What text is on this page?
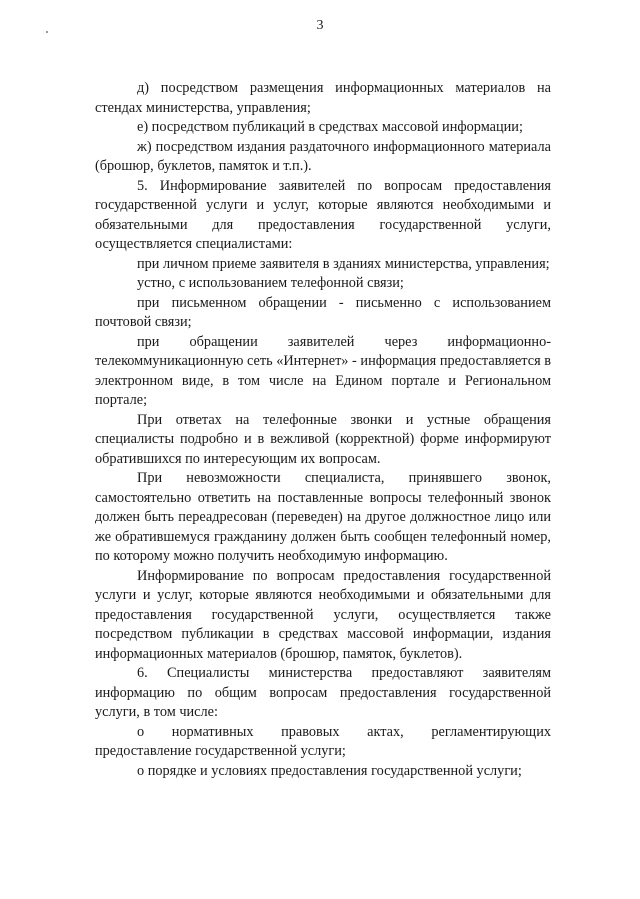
3

д) посредством размещения информационных материалов на стендах министерства, управления;

е) посредством публикаций в средствах массовой информации;

ж) посредством издания раздаточного информационного материала (брошюр, буклетов, памяток и т.п.).

5. Информирование заявителей по вопросам предоставления государственной услуги и услуг, которые являются необходимыми и обязательными для предоставления государственной услуги, осуществляется специалистами:

при личном приеме заявителя в зданиях министерства, управления;

устно, с использованием телефонной связи;

при письменном обращении - письменно с использованием почтовой связи;

при обращении заявителей через информационно-телекоммуникационную сеть «Интернет» - информация предоставляется в электронном виде, в том числе на Едином портале и Региональном портале;

При ответах на телефонные звонки и устные обращения специалисты подробно и в вежливой (корректной) форме информируют обратившихся по интересующим их вопросам.

При невозможности специалиста, принявшего звонок, самостоятельно ответить на поставленные вопросы телефонный звонок должен быть переадресован (переведен) на другое должностное лицо или же обратившемуся гражданину должен быть сообщен телефонный номер, по которому можно получить необходимую информацию.

Информирование по вопросам предоставления государственной услуги и услуг, которые являются необходимыми и обязательными для предоставления государственной услуги, осуществляется также посредством публикации в средствах массовой информации, издания информационных материалов (брошюр, памяток, буклетов).

6. Специалисты министерства предоставляют заявителям информацию по общим вопросам предоставления государственной услуги, в том числе:

о нормативных правовых актах, регламентирующих предоставление государственной услуги;

о порядке и условиях предоставления государственной услуги;
